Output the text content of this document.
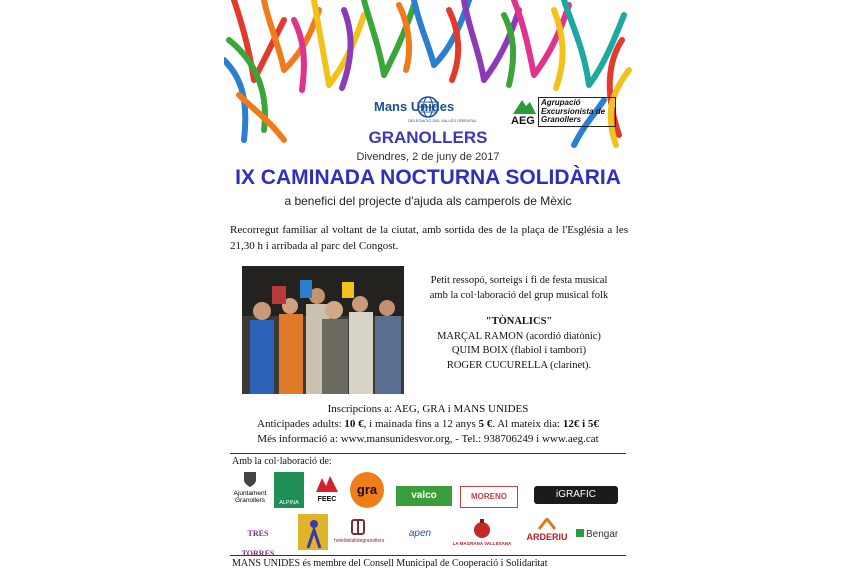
Mans Unides
DELEGACIÓ DEL VALLÈS ORIENTAL	AEG
Agrupació Excursionista de Granollers
GRANOLLERS
Divendres, 2 de juny de 2017
IX CAMINADA NOCTURNA SOLIDÀRIA
a benefici del projecte d'ajuda als camperols de Mèxic
Recorregut familiar al voltant de la ciutat, amb sortida des de la plaça de l'Església a les 21,30 h i arribada al parc del Congost.
Petit ressopó, sorteigs i fi de festa musical
amb la col·laboració del grup musical folk
"TÒNALICS"
MARÇAL RAMON (acordió diatònic)
QUIM BOIX (flabiol i tambori)
ROGER CUCURELLA (clarinet).
Inscripcions a: AEG, GRA i MANS UNIDES
Anticipades adults: 10 €, i mainada fins a 12 anys 5 €. Al mateix dia: 12€ i 5€
Més informació a: www.mansunidesvor.org, - Tel.: 938706249 i www.aeg.cat
Amb la col·laboració de:
Ajuntament Granollers	ALPINA	FEEC
gra	valco	MORENO	iGRAFIC
TRES TORRES
hoteldelaltdegranollers
apen
LA MAGRANA VALLESANA
ARDERIU	Bengar
MANS UNIDES és membre del Consell Municipal de Cooperació i Solidaritat
